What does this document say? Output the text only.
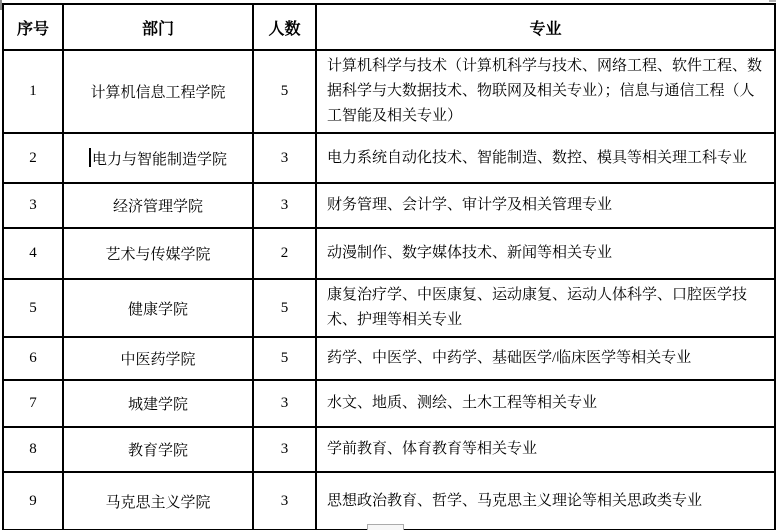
序号	部门	人数	专业
1	计算机信息工程学院	5	计算机科学与技术（计算机科学与技术、网络工程、软件工程、数据科学与大数据技术、物联网及相关专业）；信息与通信工程（人工智能及相关专业）
2	电力与智能制造学院	3	电力系统自动化技术、智能制造、数控、模具等相关理工科专业
3	经济管理学院	3	财务管理、会计学、审计学及相关管理专业
4	艺术与传媒学院	2	动漫制作、数字媒体技术、新闻等相关专业
5	健康学院	5	康复治疗学、中医康复、运动康复、运动人体科学、口腔医学技术、护理等相关专业
6	中医药学院	5	药学、中医学、中药学、基础医学/临床医学等相关专业
7	城建学院	3	水文、地质、测绘、土木工程等相关专业
8	教育学院	3	学前教育、体育教育等相关专业
9	马克思主义学院	3	思想政治教育、哲学、马克思主义理论等相关思政类专业
